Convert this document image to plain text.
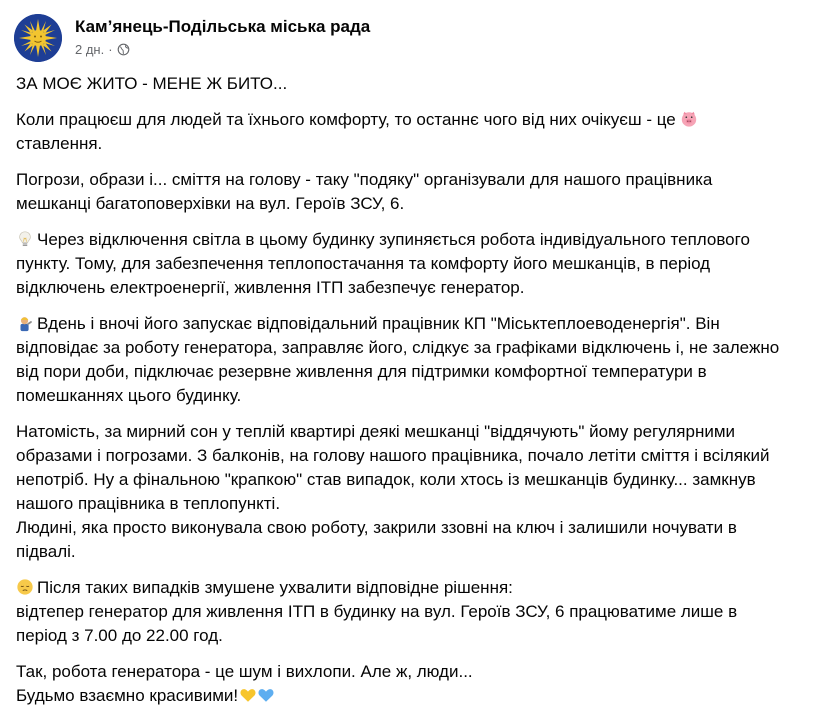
Кам’янець-Подільська міська рада
2 дн. ·
ЗА МОЄ ЖИТО - МЕНЕ Ж БИТО...
Коли працюєш для людей та їхнього комфорту, то останнє чого від них очікуєш - це
ставлення.
Погрози, образи і... сміття на голову - таку "подяку" організували для нашого працівника
мешканці багатоповерхівки на вул. Героїв ЗСУ, 6.
Через відключення світла в цьому будинку зупиняється робота індивідуального теплового
пункту. Тому, для забезпечення теплопостачання та комфорту його мешканців, в період
відключень електроенергії, живлення ІТП забезпечує генератор.
Вдень і вночі його запускає відповідальний працівник КП "Міськтеплоеводенергія". Він
відповідає за роботу генератора, заправляє його, слідкує за графіками відключень і, не залежно
від пори доби, підключає резервне живлення для підтримки комфортної температури в
помешканнях цього будинку.
Натомість, за мирний сон у теплій квартирі деякі мешканці "віддячують" йому регулярними
образами і погрозами. З балконів, на голову нашого працівника, почало летіти сміття і всілякий
непотріб. Ну а фінальною "крапкою" став випадок, коли хтось із мешканців будинку... замкнув
нашого працівника в теплопункті.
Людині, яка просто виконувала свою роботу, закрили ззовні на ключ і залишили ночувати в
підвалі.
Після таких випадків змушене ухвалити відповідне рішення:
відтепер генератор для живлення ІТП в будинку на вул. Героїв ЗСУ, 6 працюватиме лише в
період з 7.00 до 22.00 год.
Так, робота генератора - це шум і вихлопи. Але ж, люди...
Будьмо взаємно красивими!
